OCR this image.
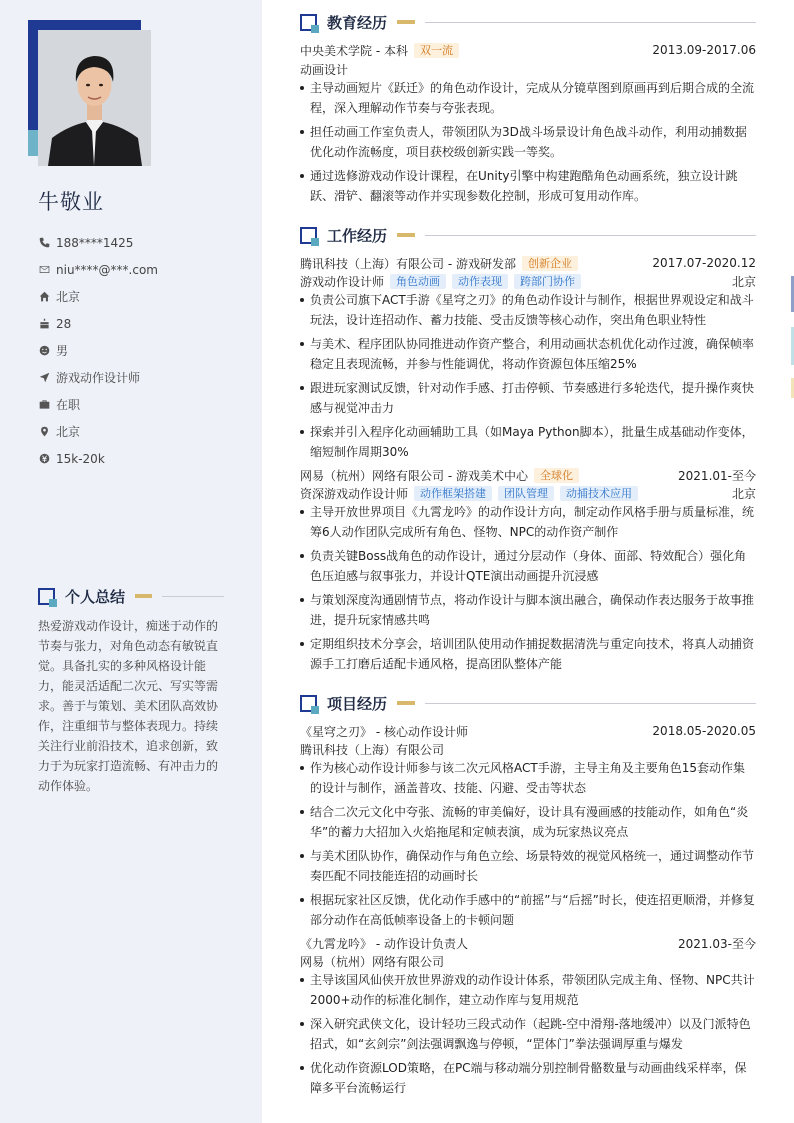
牛敬业
188****1425
niu****@***.com
北京
28
男
游戏动作设计师
在职
北京
15k-20k
个人总结
热爱游戏动作设计，痴迷于动作的节奏与张力，对角色动态有敏锐直觉。具备扎实的多种风格设计能力，能灵活适配二次元、写实等需求。善于与策划、美术团队高效协作，注重细节与整体表现力。持续关注行业前沿技术，追求创新，致力于为玩家打造流畅、有冲击力的动作体验。
教育经历
中央美术学院 - 本科	双一流	2013.09-2017.06
动画设计
主导动画短片《跃迁》的角色动作设计，完成从分镜草图到原画再到后期合成的全流程，深入理解动作节奏与夸张表现。
担任动画工作室负责人，带领团队为3D战斗场景设计角色战斗动作，利用动捕数据优化动作流畅度，项目获校级创新实践一等奖。
通过选修游戏动作设计课程，在Unity引擎中构建跑酷角色动画系统，独立设计跳跃、滑铲、翻滚等动作并实现参数化控制，形成可复用动作库。
工作经历
腾讯科技（上海）有限公司 - 游戏研发部	创新企业	2017.07-2020.12
游戏动作设计师	角色动画	动作表现	跨部门协作	北京
负责公司旗下ACT手游《星穹之刃》的角色动作设计与制作，根据世界观设定和战斗玩法，设计连招动作、蓄力技能、受击反馈等核心动作，突出角色职业特性
与美术、程序团队协同推进动作资产整合，利用动画状态机优化动作过渡，确保帧率稳定且表现流畅，并参与性能调优，将动作资源包体压缩25%
跟进玩家测试反馈，针对动作手感、打击停顿、节奏感进行多轮迭代，提升操作爽快感与视觉冲击力
探索并引入程序化动画辅助工具（如Maya Python脚本），批量生成基础动作变体，缩短制作周期30%
网易（杭州）网络有限公司 - 游戏美术中心	全球化	2021.01-至今
资深游戏动作设计师	动作框架搭建	团队管理	动捕技术应用	北京
主导开放世界项目《九霄龙吟》的动作设计方向，制定动作风格手册与质量标准，统筹6人动作团队完成所有角色、怪物、NPC的动作资产制作
负责关键Boss战角色的动作设计，通过分层动作（身体、面部、特效配合）强化角色压迫感与叙事张力，并设计QTE演出动画提升沉浸感
与策划深度沟通剧情节点，将动作设计与脚本演出融合，确保动作表达服务于故事推进，提升玩家情感共鸣
定期组织技术分享会，培训团队使用动作捕捉数据清洗与重定向技术，将真人动捕资源手工打磨后适配卡通风格，提高团队整体产能
项目经历
《星穹之刃》 - 核心动作设计师	2018.05-2020.05
腾讯科技（上海）有限公司
作为核心动作设计师参与该二次元风格ACT手游，主导主角及主要角色15套动作集的设计与制作，涵盖普攻、技能、闪避、受击等状态
结合二次元文化中夸张、流畅的审美偏好，设计具有漫画感的技能动作，如角色“炎华”的蓄力大招加入火焰拖尾和定帧表演，成为玩家热议亮点
与美术团队协作，确保动作与角色立绘、场景特效的视觉风格统一，通过调整动作节奏匹配不同技能连招的动画时长
根据玩家社区反馈，优化动作手感中的“前摇”与“后摇”时长，使连招更顺滑，并修复部分动作在高低帧率设备上的卡顿问题
《九霄龙吟》 - 动作设计负责人	2021.03-至今
网易（杭州）网络有限公司
主导该国风仙侠开放世界游戏的动作设计体系，带领团队完成主角、怪物、NPC共计2000+动作的标准化制作，建立动作库与复用规范
深入研究武侠文化，设计轻功三段式动作（起跳-空中滑翔-落地缓冲）以及门派特色招式，如“玄剑宗”剑法强调飘逸与停顿，“罡体门”拳法强调厚重与爆发
优化动作资源LOD策略，在PC端与移动端分别控制骨骼数量与动画曲线采样率，保障多平台流畅运行
